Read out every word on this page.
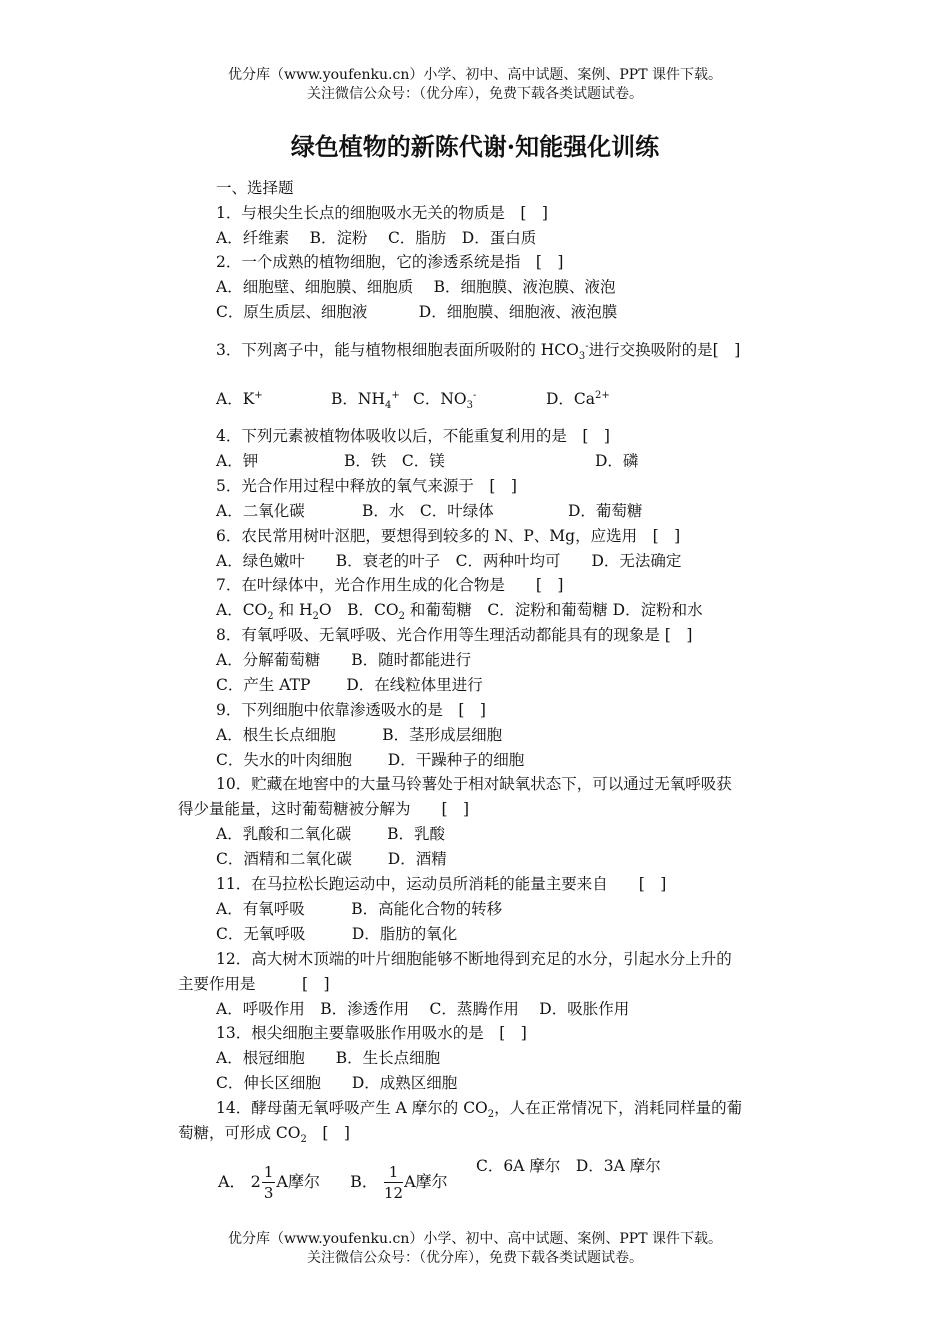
优分库（www.youfenku.cn）小学、初中、高中试题、案例、PPT 课件下载。
关注微信公众号：（优分库），免费下载各类试题试卷。
绿色植物的新陈代谢·知能强化训练
一、选择题
1．与根尖生长点的细胞吸水无关的物质是　[　]
A．纤维素　 B．淀粉　 C．脂肪　D．蛋白质
2．一个成熟的植物细胞，它的渗透系统是指　[　]
A．细胞壁、细胞膜、细胞质　 B．细胞膜、液泡膜、液泡
C．原生质层、细胞液　　　 D．细胞膜、细胞液、液泡膜
3．下列离子中，能与植物根细胞表面所吸附的 $HCO_3^-$进行交换吸附的是[　]
A．K+	B．$NH_4^+$ C．$NO_3^-$	D．$Ca^{2+}$
4．下列元素被植物体吸收以后，不能重复利用的是　[　]
A．钾	B．铁　C．镁	D．磷
5．光合作用过程中释放的氧气来源于　[　]
A．二氧化碳	B．水　C．叶绿体	D．葡萄糖
6．农民常用树叶沤肥，要想得到较多的 N、P、Mg，应选用　[　]
A．绿色嫩叶　　B．衰老的叶子　C．两种叶均可　　D．无法确定
7．在叶绿体中，光合作用生成的化合物是　　[　]
A．$CO_2$ 和 $H_2O$　B．$CO_2$ 和葡萄糖　C．淀粉和葡萄糖 D．淀粉和水
8．有氧呼吸、无氧呼吸、光合作用等生理活动都能具有的现象是 [　]
A．分解葡萄糖　　B．随时都能进行
C．产生 ATP　　 D．在线粒体里进行
9．下列细胞中依靠渗透吸水的是　[　]
A．根生长点细胞　　　B．茎形成层细胞
C．失水的叶肉细胞　　 D．干躁种子的细胞
10．贮藏在地窖中的大量马铃薯处于相对缺氧状态下，可以通过无氧呼吸获
得少量能量，这时葡萄糖被分解为　　[　]
A．乳酸和二氧化碳　　 B．乳酸
C．酒精和二氧化碳　　 D．酒精
11．在马拉松长跑运动中，运动员所消耗的能量主要来自　　[　]
A．有氧呼吸　　　B．高能化合物的转移
C．无氧呼吸　　　D．脂肪的氧化
12．高大树木顶端的叶片细胞能够不断地得到充足的水分，引起水分上升的
主要作用是　　　[　]
A．呼吸作用　B．渗透作用　 C．蒸腾作用　 D．吸胀作用
13．根尖细胞主要靠吸胀作用吸水的是　[　]
A．根冠细胞　　B．生长点细胞
C．伸长区细胞　　D．成熟区细胞
14．酵母菌无氧呼吸产生 A 摩尔的 $CO_2$，人在正常情况下，消耗同样量的葡
萄糖，可形成 $CO_2$　[　]
A． $2 \frac{1}{3}$ A摩尔 B． $\frac{1}{12}$ A摩尔
C．6A 摩尔　D．3A 摩尔
优分库（www.youfenku.cn）小学、初中、高中试题、案例、PPT 课件下载。
关注微信公众号：（优分库），免费下载各类试题试卷。
